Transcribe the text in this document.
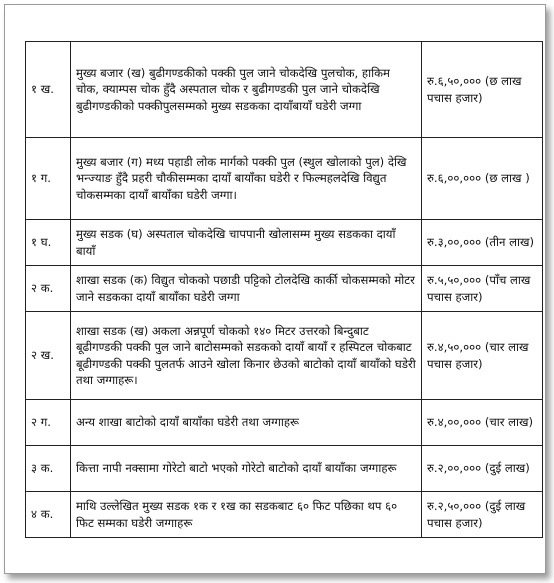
१ ख.	मुख्य बजार (ख) बुढीगण्डकीको पक्की पुल जाने चोकदेखि पुलचोक, हाकिम चोक, क्याम्पस चोक हुँदै अस्पताल चोक र बुढीगण्डकी पुल जाने चोकदेखि बुढीगण्डकीको पक्कीपुलसम्मको मुख्य सडकका दायाँबायाँ घडेरी जग्गा	रु.६,५०,००० (छ लाख पचास हजार)
१ ग.	मुख्य बजार (ग) मध्य पहाडी लोक मार्गको पक्की पुल (स्थुल खोलाको पुल) देखि भन्ज्याङ हुँदै प्रहरी चौकीसम्मका दायाँ बायाँका घडेरी र फिल्महलदेखि विद्युत चोकसम्मका दायाँ बायाँका घडेरी जग्गा।	रु.६,००,००० (छ लाख )
१ घ.	मुख्य सडक (घ) अस्पताल चोकदेखि चापपानी खोलासम्म मुख्य सडकका दायाँ बायाँ	रु.३,००,००० (तीन लाख)
२ क.	शाखा सडक (क) विद्युत चोकको पछाडी पट्टिको टोलदेखि कार्की चोकसम्मको मोटर जाने सडकका दायाँ बायाँका घडेरी जग्गा	रु.५,५०,००० (पाँच लाख पचास हजार)
२ ख.	शाखा सडक (ख) अकला अन्नपूर्ण चोकको १४० मिटर उत्तरको बिन्दुबाट बूढीगण्डकी पक्की पुल जाने बाटोसम्मको सडकको दायाँ बायाँ र हस्पिटल चोकबाट बूढीगण्डकी पक्की पुलतर्फ आउने खोला किनार छेउको बाटोको दायाँ बायाँको घडेरी तथा जग्गाहरू।	रु.४,५०,००० (चार लाख पचास हजार)
२ ग.	अन्य शाखा बाटोको दायाँ बायाँका घडेरी तथा जग्गाहरू	रु.४,००,००० (चार लाख)
३ क.	कित्ता नापी नक्सामा गोरेटो बाटो भएको गोरेटो बाटोको दायाँ बायाँका जग्गाहरू	रु.२,००,००० (दुई लाख)
४ क.	माथि उल्लेखित मुख्य सडक १क र १ख का सडकबाट ६० फिट पछिका थप ६० फिट सम्मका घडेरी जग्गाहरू	रु.२,५०,००० (दुई लाख पचास हजार)
